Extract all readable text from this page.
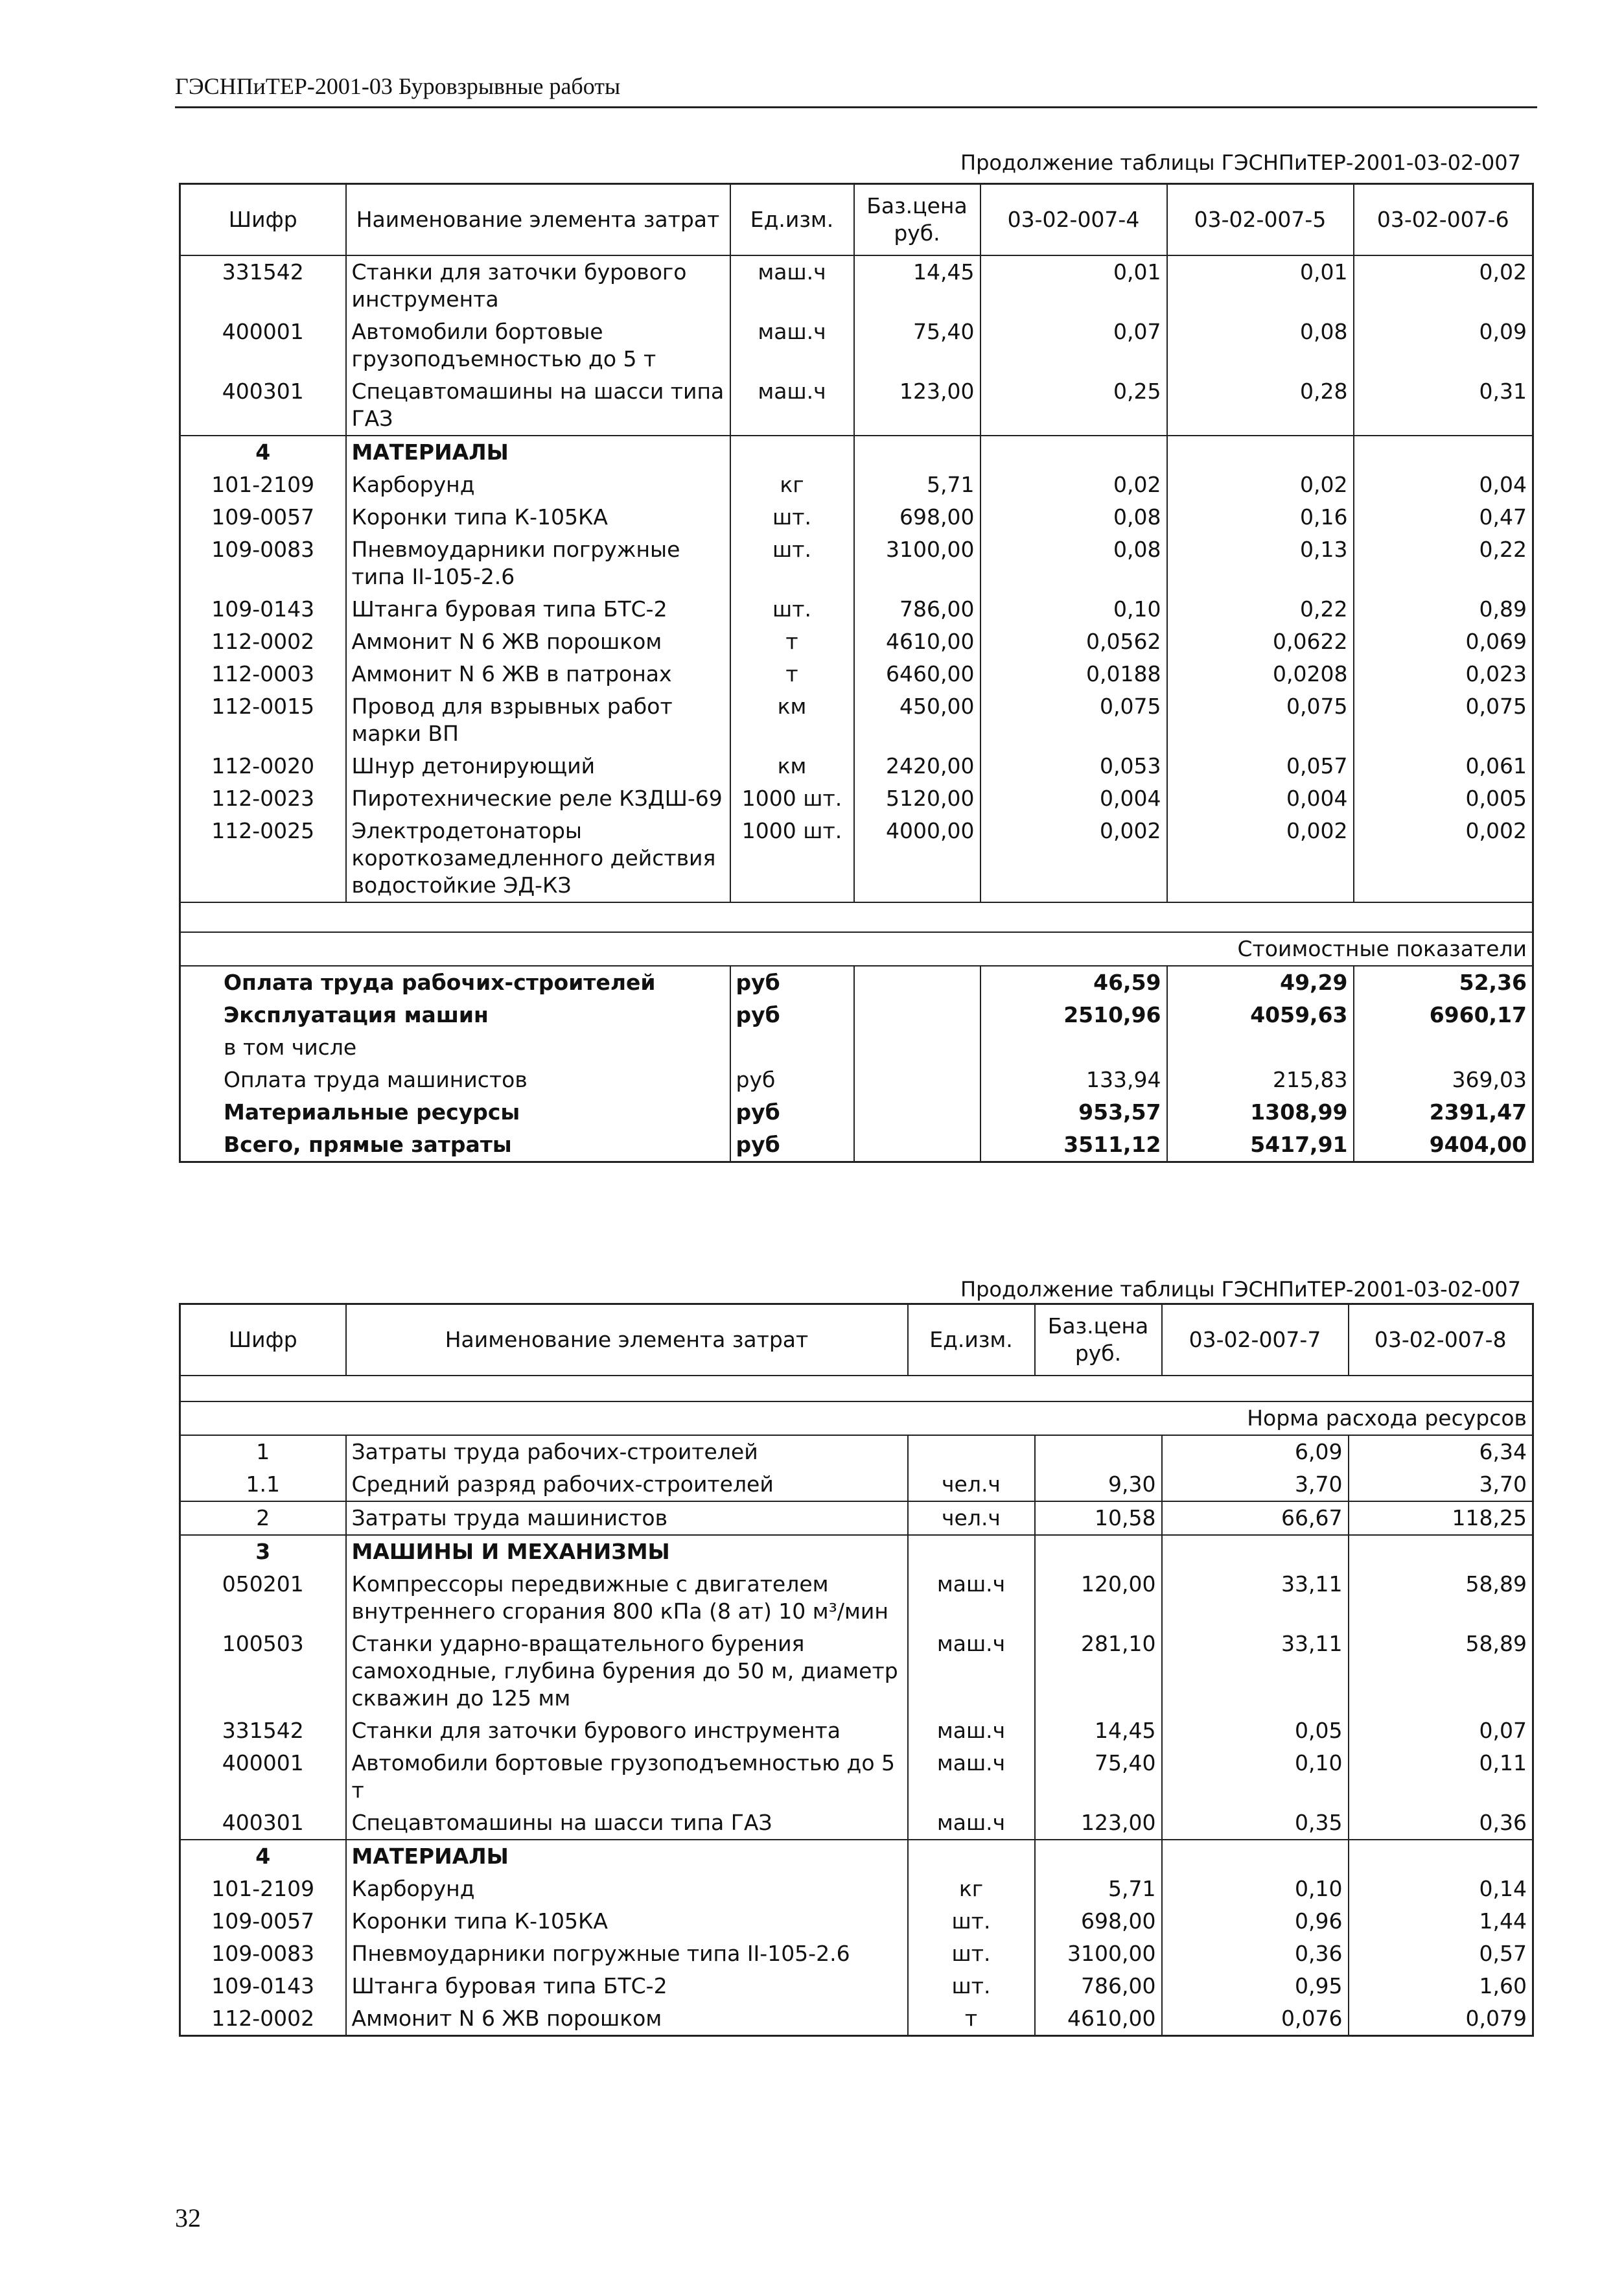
ГЭСНПиТЕР-2001-03 Буровзрывные работы
Продолжение таблицы ГЭСНПиТЕР-2001-03-02-007
Шифр	Наименование элемента затрат	Ед.изм.	Баз.цена руб.	03-02-007-4	03-02-007-5	03-02-007-6
331542	Станки для заточки бурового инструмента	маш.ч	14,45	0,01	0,01	0,02
400001	Автомобили бортовые грузоподъемностью до 5 т	маш.ч	75,40	0,07	0,08	0,09
400301	Спецавтомашины на шасси типа ГАЗ	маш.ч	123,00	0,25	0,28	0,31
4	МАТЕРИАЛЫ					
101-2109	Карборунд	кг	5,71	0,02	0,02	0,04
109-0057	Коронки типа К-105КА	шт.	698,00	0,08	0,16	0,47
109-0083	Пневмоударники погружные типа II-105-2.6	шт.	3100,00	0,08	0,13	0,22
109-0143	Штанга буровая типа БТС-2	шт.	786,00	0,10	0,22	0,89
112-0002	Аммонит N 6 ЖВ порошком	т	4610,00	0,0562	0,0622	0,069
112-0003	Аммонит N 6 ЖВ в патронах	т	6460,00	0,0188	0,0208	0,023
112-0015	Провод для взрывных работ марки ВП	км	450,00	0,075	0,075	0,075
112-0020	Шнур детонирующий	км	2420,00	0,053	0,057	0,061
112-0023	Пиротехнические реле КЗДШ-69	1000 шт.	5120,00	0,004	0,004	0,005
112-0025	Электродетонаторы короткозамедленного действия водостойкие ЭД-КЗ	1000 шт.	4000,00	0,002	0,002	0,002

Стоимостные показатели						
Оплата труда рабочих-строителей		руб		46,59	49,29	52,36
Эксплуатация машин		руб		2510,96	4059,63	6960,17
в том числе						
Оплата труда машинистов		руб		133,94	215,83	369,03
Материальные ресурсы		руб		953,57	1308,99	2391,47
Всего, прямые затраты		руб		3511,12	5417,91	9404,00
Продолжение таблицы ГЭСНПиТЕР-2001-03-02-007
Шифр	Наименование элемента затрат	Ед.изм.	Баз.цена руб.	03-02-007-7	03-02-007-8

Норма расхода ресурсов					
1	Затраты труда рабочих-строителей			6,09	6,34
1.1	Средний разряд рабочих-строителей	чел.ч	9,30	3,70	3,70
2	Затраты труда машинистов	чел.ч	10,58	66,67	118,25
3	МАШИНЫ И МЕХАНИЗМЫ				
050201	Компрессоры передвижные с двигателем внутреннего сгорания 800 кПа (8 ат) 10 м³/мин	маш.ч	120,00	33,11	58,89
100503	Станки ударно-вращательного бурения самоходные, глубина бурения до 50 м, диаметр скважин до 125 мм	маш.ч	281,10	33,11	58,89
331542	Станки для заточки бурового инструмента	маш.ч	14,45	0,05	0,07
400001	Автомобили бортовые грузоподъемностью до 5 т	маш.ч	75,40	0,10	0,11
400301	Спецавтомашины на шасси типа ГАЗ	маш.ч	123,00	0,35	0,36
4	МАТЕРИАЛЫ				
101-2109	Карборунд	кг	5,71	0,10	0,14
109-0057	Коронки типа К-105КА	шт.	698,00	0,96	1,44
109-0083	Пневмоударники погружные типа II-105-2.6	шт.	3100,00	0,36	0,57
109-0143	Штанга буровая типа БТС-2	шт.	786,00	0,95	1,60
112-0002	Аммонит N 6 ЖВ порошком	т	4610,00	0,076	0,079
32
